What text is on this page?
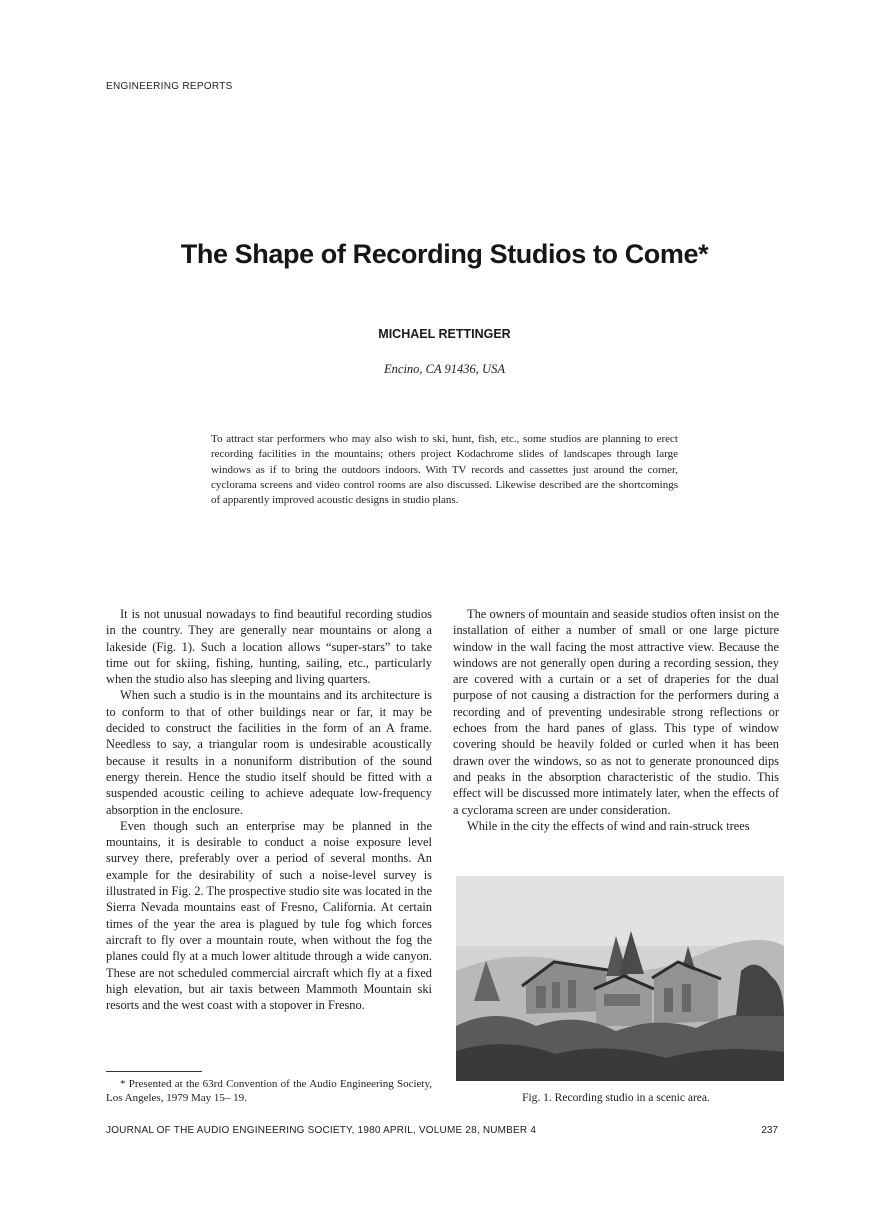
ENGINEERING REPORTS
The Shape of Recording Studios to Come*
MICHAEL RETTINGER
Encino, CA 91436, USA
To attract star performers who may also wish to ski, hunt, fish, etc., some studios are planning to erect recording facilities in the mountains; others project Kodachrome slides of landscapes through large windows as if to bring the outdoors indoors. With TV records and cassettes just around the corner, cyclorama screens and video control rooms are also discussed. Likewise described are the shortcomings of apparently improved acoustic designs in studio plans.

It is not unusual nowadays to find beautiful recording studios in the country. They are generally near mountains or along a lakeside (Fig. 1). Such a location allows “super-stars” to take time out for skiing, fishing, hunting, sailing, etc., particularly when the studio also has sleeping and living quarters.

When such a studio is in the mountains and its architecture is to conform to that of other buildings near or far, it may be decided to construct the facilities in the form of an A frame. Needless to say, a triangular room is undesirable acoustically because it results in a nonuniform distribution of the sound energy therein. Hence the studio itself should be fitted with a suspended acoustic ceiling to achieve adequate low-frequency absorption in the enclosure.

Even though such an enterprise may be planned in the mountains, it is desirable to conduct a noise exposure level survey there, preferably over a period of several months. An example for the desirability of such a noise-level survey is illustrated in Fig. 2. The prospective studio site was located in the Sierra Nevada mountains east of Fresno, California. At certain times of the year the area is plagued by tule fog which forces aircraft to fly over a mountain route, when without the fog the planes could fly at a much lower altitude through a wide canyon. These are not scheduled commercial aircraft which fly at a fixed high elevation, but air taxis between Mammoth Mountain ski resorts and the west coast with a stopover in Fresno.

The owners of mountain and seaside studios often insist on the installation of either a number of small or one large picture window in the wall facing the most attractive view. Because the windows are not generally open during a recording session, they are covered with a curtain or a set of draperies for the dual purpose of not causing a distraction for the performers during a recording and of preventing undesirable strong reflections or echoes from the hard panes of glass. This type of window covering should be heavily folded or curled when it has been drawn over the windows, so as not to generate pronounced dips and peaks in the absorption characteristic of the studio. This effect will be discussed more intimately later, when the effects of a cyclorama screen are under consideration.

While in the city the effects of wind and rain-struck trees

Fig. 1. Recording studio in a scenic area.
* Presented at the 63rd Convention of the Audio Engineering Society, Los Angeles, 1979 May 15– 19.
JOURNAL OF THE AUDIO ENGINEERING SOCIETY, 1980 APRIL, VOLUME 28, NUMBER 4	237
